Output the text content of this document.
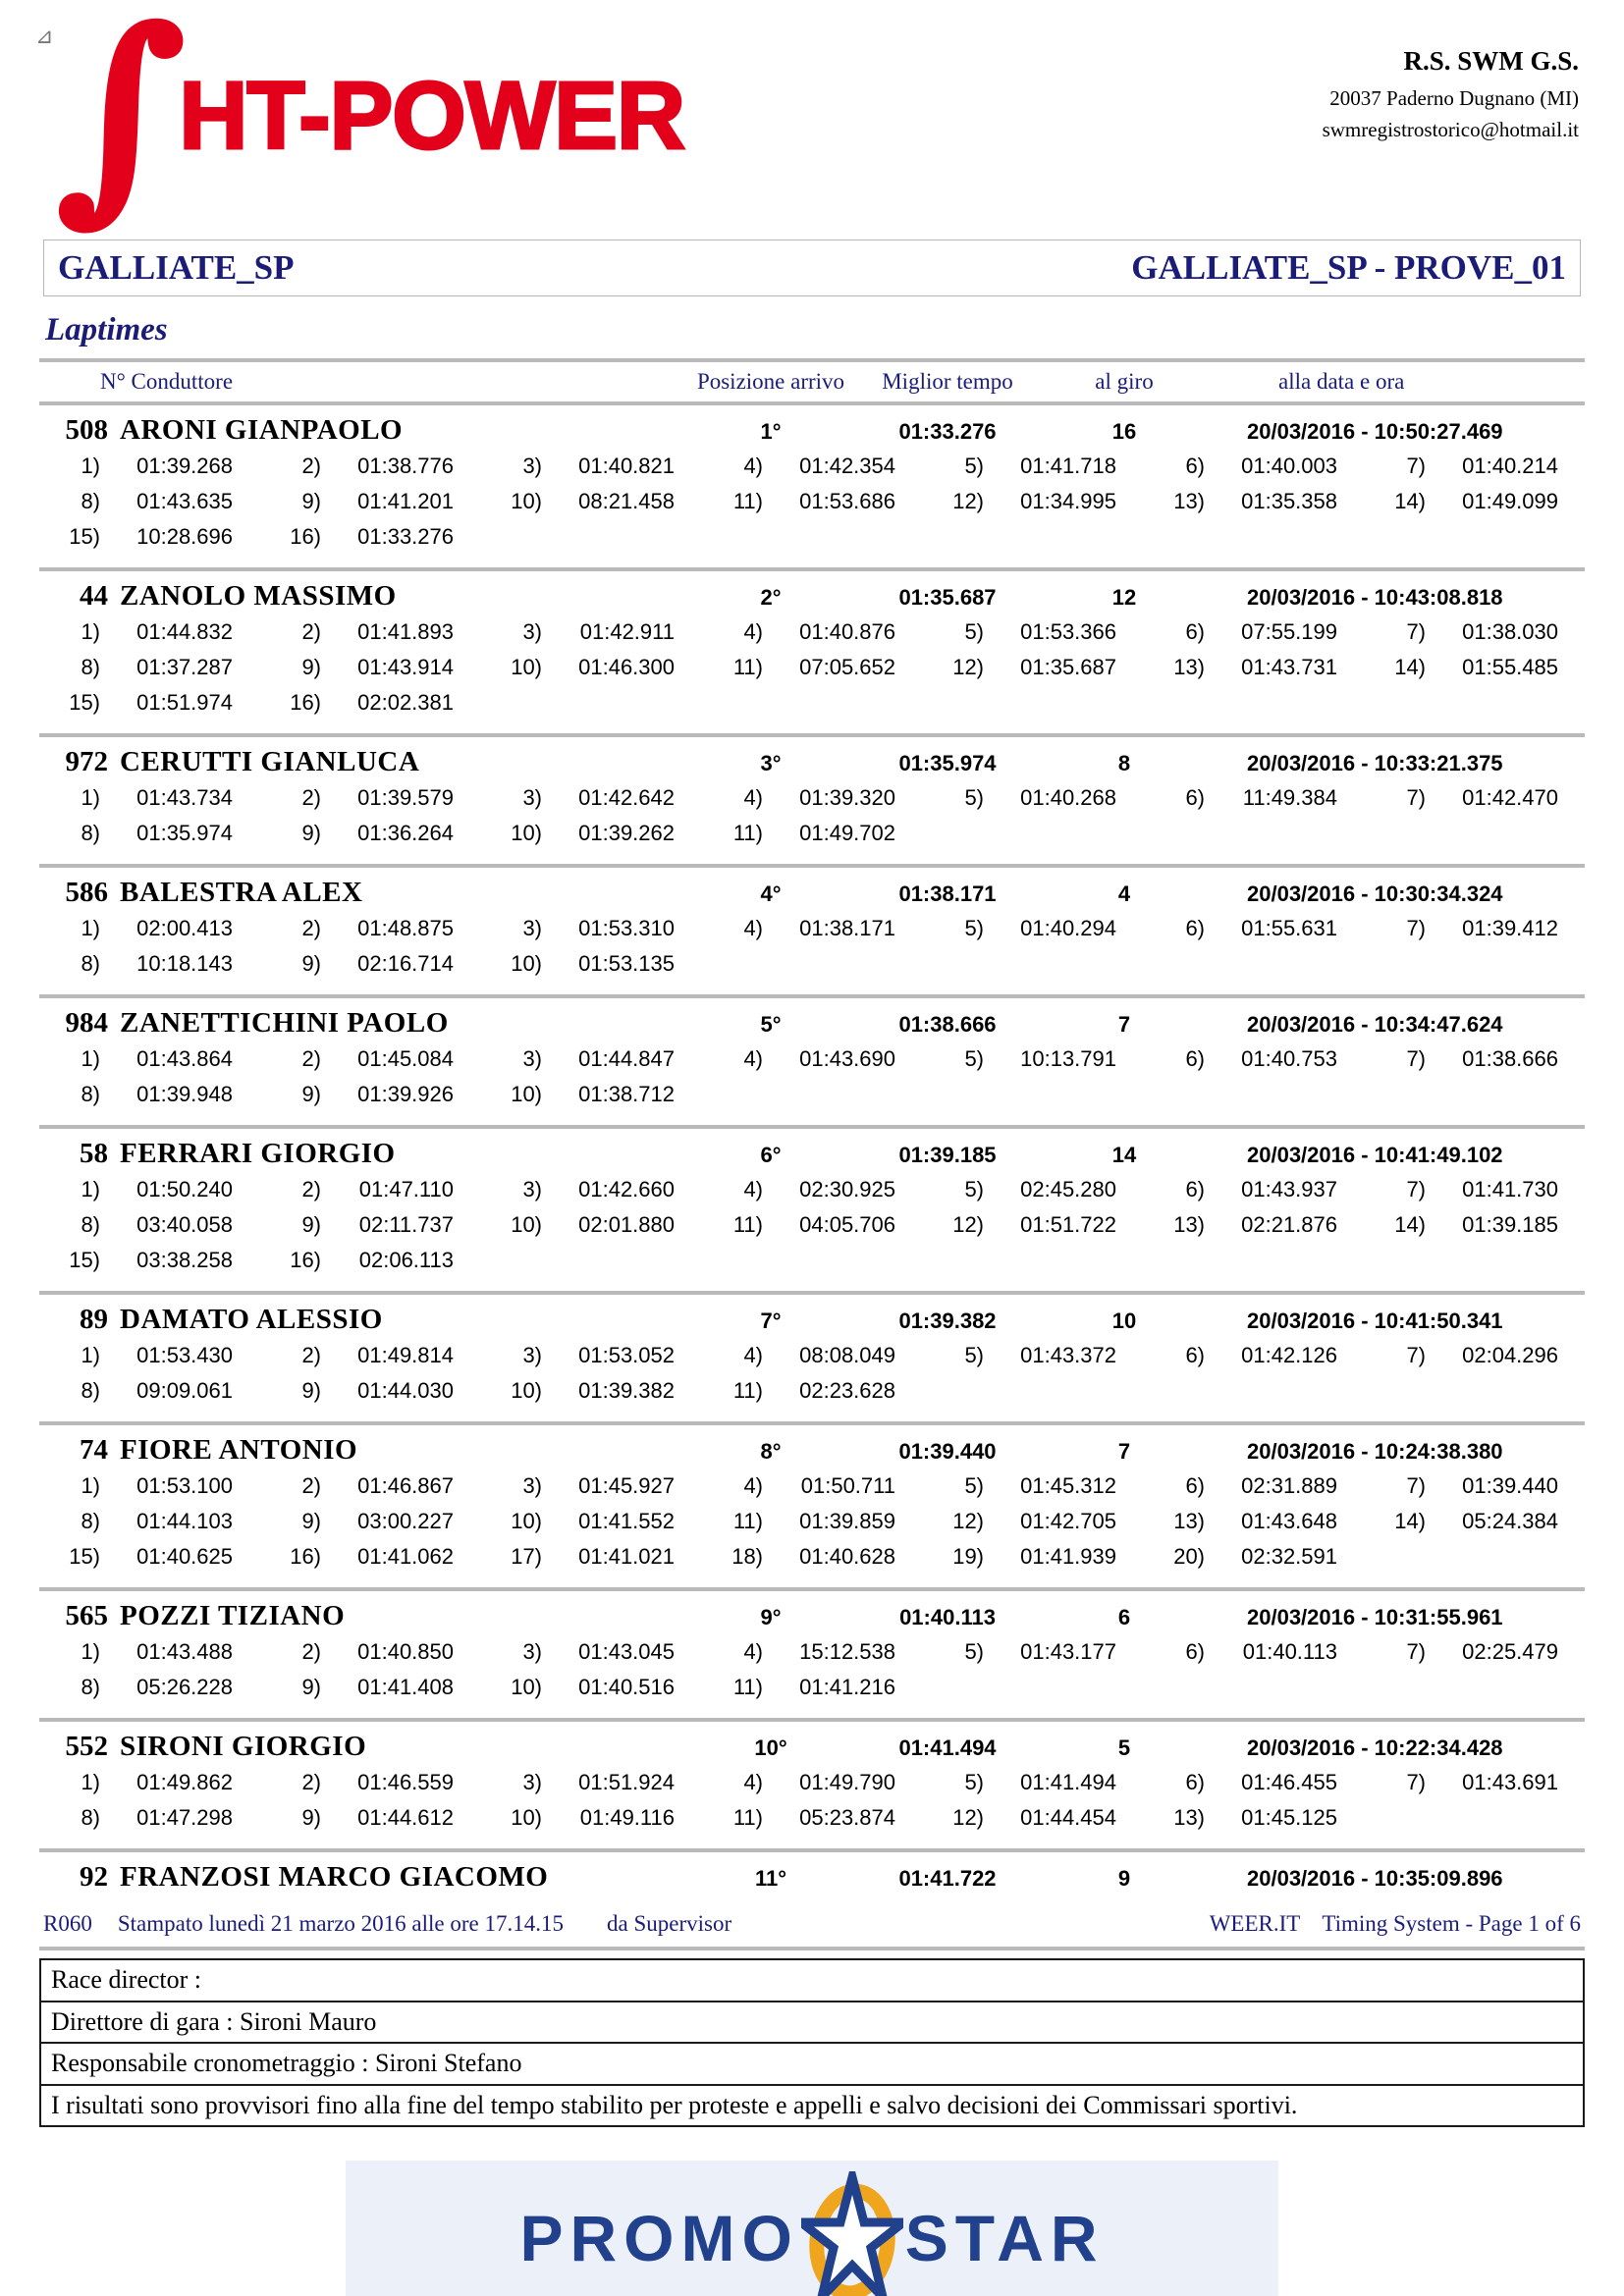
⊿ ∫
HT-POWER
R.S. SWM G.S.
20037 Paderno Dugnano (MI)
swmregistrostorico@hotmail.it
GALLIATE_SP	GALLIATE_SP - PROVE_01
Laptimes
N° Conduttore	Posizione arrivo	Miglior tempo	al giro	alla data e ora
508 ARONI GIANPAOLO	1°	01:33.276	16	20/03/2016 - 10:50:27.469
1)	01:39.268	2)	01:38.776	3)	01:40.821	4)	01:42.354	5)	01:41.718	6)	01:40.003	7)	01:40.214
8)	01:43.635	9)	01:41.201	10)	08:21.458	11)	01:53.686	12)	01:34.995	13)	01:35.358	14)	01:49.099
15)	10:28.696	16)	01:33.276
44 ZANOLO MASSIMO	2°	01:35.687	12	20/03/2016 - 10:43:08.818
1)	01:44.832	2)	01:41.893	3)	01:42.911	4)	01:40.876	5)	01:53.366	6)	07:55.199	7)	01:38.030
8)	01:37.287	9)	01:43.914	10)	01:46.300	11)	07:05.652	12)	01:35.687	13)	01:43.731	14)	01:55.485
15)	01:51.974	16)	02:02.381
972 CERUTTI GIANLUCA	3°	01:35.974	8	20/03/2016 - 10:33:21.375
1)	01:43.734	2)	01:39.579	3)	01:42.642	4)	01:39.320	5)	01:40.268	6)	11:49.384	7)	01:42.470
8)	01:35.974	9)	01:36.264	10)	01:39.262	11)	01:49.702
586 BALESTRA ALEX	4°	01:38.171	4	20/03/2016 - 10:30:34.324
1)	02:00.413	2)	01:48.875	3)	01:53.310	4)	01:38.171	5)	01:40.294	6)	01:55.631	7)	01:39.412
8)	10:18.143	9)	02:16.714	10)	01:53.135
984 ZANETTICHINI PAOLO	5°	01:38.666	7	20/03/2016 - 10:34:47.624
1)	01:43.864	2)	01:45.084	3)	01:44.847	4)	01:43.690	5)	10:13.791	6)	01:40.753	7)	01:38.666
8)	01:39.948	9)	01:39.926	10)	01:38.712
58 FERRARI GIORGIO	6°	01:39.185	14	20/03/2016 - 10:41:49.102
1)	01:50.240	2)	01:47.110	3)	01:42.660	4)	02:30.925	5)	02:45.280	6)	01:43.937	7)	01:41.730
8)	03:40.058	9)	02:11.737	10)	02:01.880	11)	04:05.706	12)	01:51.722	13)	02:21.876	14)	01:39.185
15)	03:38.258	16)	02:06.113
89 DAMATO ALESSIO	7°	01:39.382	10	20/03/2016 - 10:41:50.341
1)	01:53.430	2)	01:49.814	3)	01:53.052	4)	08:08.049	5)	01:43.372	6)	01:42.126	7)	02:04.296
8)	09:09.061	9)	01:44.030	10)	01:39.382	11)	02:23.628
74 FIORE ANTONIO	8°	01:39.440	7	20/03/2016 - 10:24:38.380
1)	01:53.100	2)	01:46.867	3)	01:45.927	4)	01:50.711	5)	01:45.312	6)	02:31.889	7)	01:39.440
8)	01:44.103	9)	03:00.227	10)	01:41.552	11)	01:39.859	12)	01:42.705	13)	01:43.648	14)	05:24.384
15)	01:40.625	16)	01:41.062	17)	01:41.021	18)	01:40.628	19)	01:41.939	20)	02:32.591
565 POZZI TIZIANO	9°	01:40.113	6	20/03/2016 - 10:31:55.961
1)	01:43.488	2)	01:40.850	3)	01:43.045	4)	15:12.538	5)	01:43.177	6)	01:40.113	7)	02:25.479
8)	05:26.228	9)	01:41.408	10)	01:40.516	11)	01:41.216
552 SIRONI GIORGIO	10°	01:41.494	5	20/03/2016 - 10:22:34.428
1)	01:49.862	2)	01:46.559	3)	01:51.924	4)	01:49.790	5)	01:41.494	6)	01:46.455	7)	01:43.691
8)	01:47.298	9)	01:44.612	10)	01:49.116	11)	05:23.874	12)	01:44.454	13)	01:45.125
92 FRANZOSI MARCO GIACOMO	11°	01:41.722	9	20/03/2016 - 10:35:09.896
R060 Stampato lunedì 21 marzo 2016 alle ore 17.14.15 da Supervisor	WEER.IT Timing System - Page 1 of 6
Race director :
Direttore di gara : Sironi Mauro
Responsabile cronometraggio : Sironi Stefano
I risultati sono provvisori fino alla fine del tempo stabilito per proteste e appelli e salvo decisioni dei Commissari sportivi.
PROMO STAR
